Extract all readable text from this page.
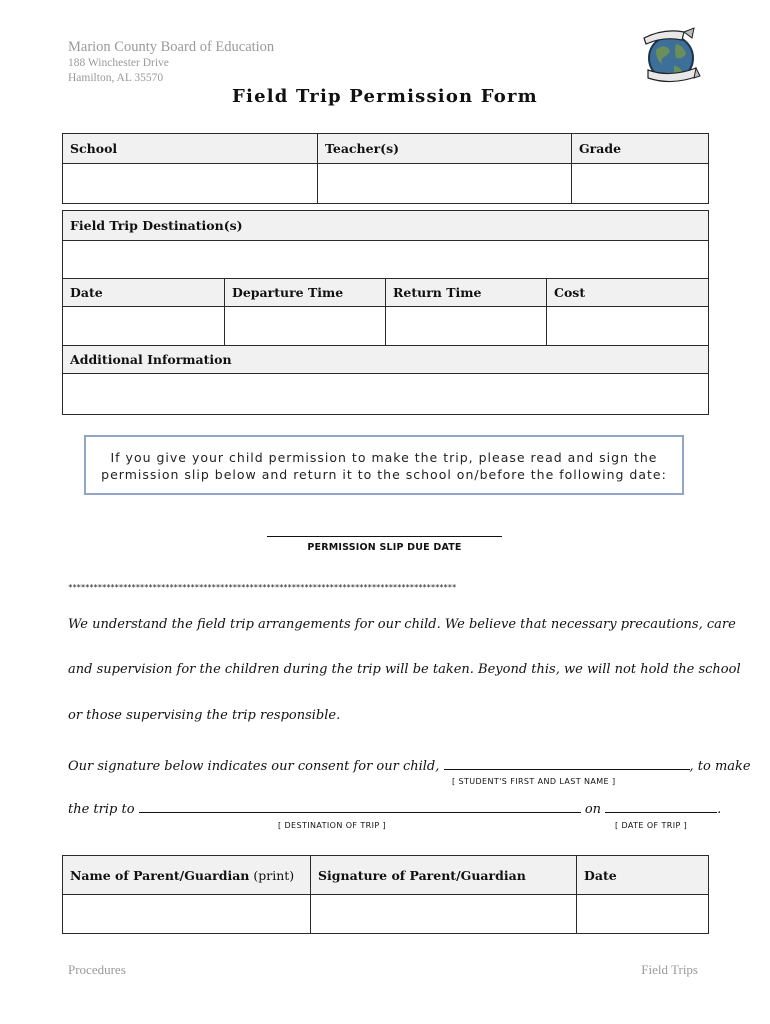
Marion County Board of Education
188 Winchester Drive
Hamilton, AL 35570
Field Trip Permission Form
School	Teacher(s)	Grade

Field Trip Destination(s)			

Date	Departure Time	Return Time	Cost

Additional Information			

If you give your child permission to make the trip, please read and sign the
permission slip below and return it to the school on/before the following date:
PERMISSION SLIP DUE DATE
********************************************************************************************
We understand the field trip arrangements for our child. We believe that necessary precautions, care
and supervision for the children during the trip will be taken. Beyond this, we will not hold the school
or those supervising the trip responsible.
Our signature below indicates our consent for our child,	, to make
[ STUDENT'S FIRST AND LAST NAME ]
the trip to	on	.
[ DESTINATION OF TRIP ]	[ DATE OF TRIP ]
Name of Parent/Guardian (print)	Signature of Parent/Guardian	Date

Procedures	Field Trips
